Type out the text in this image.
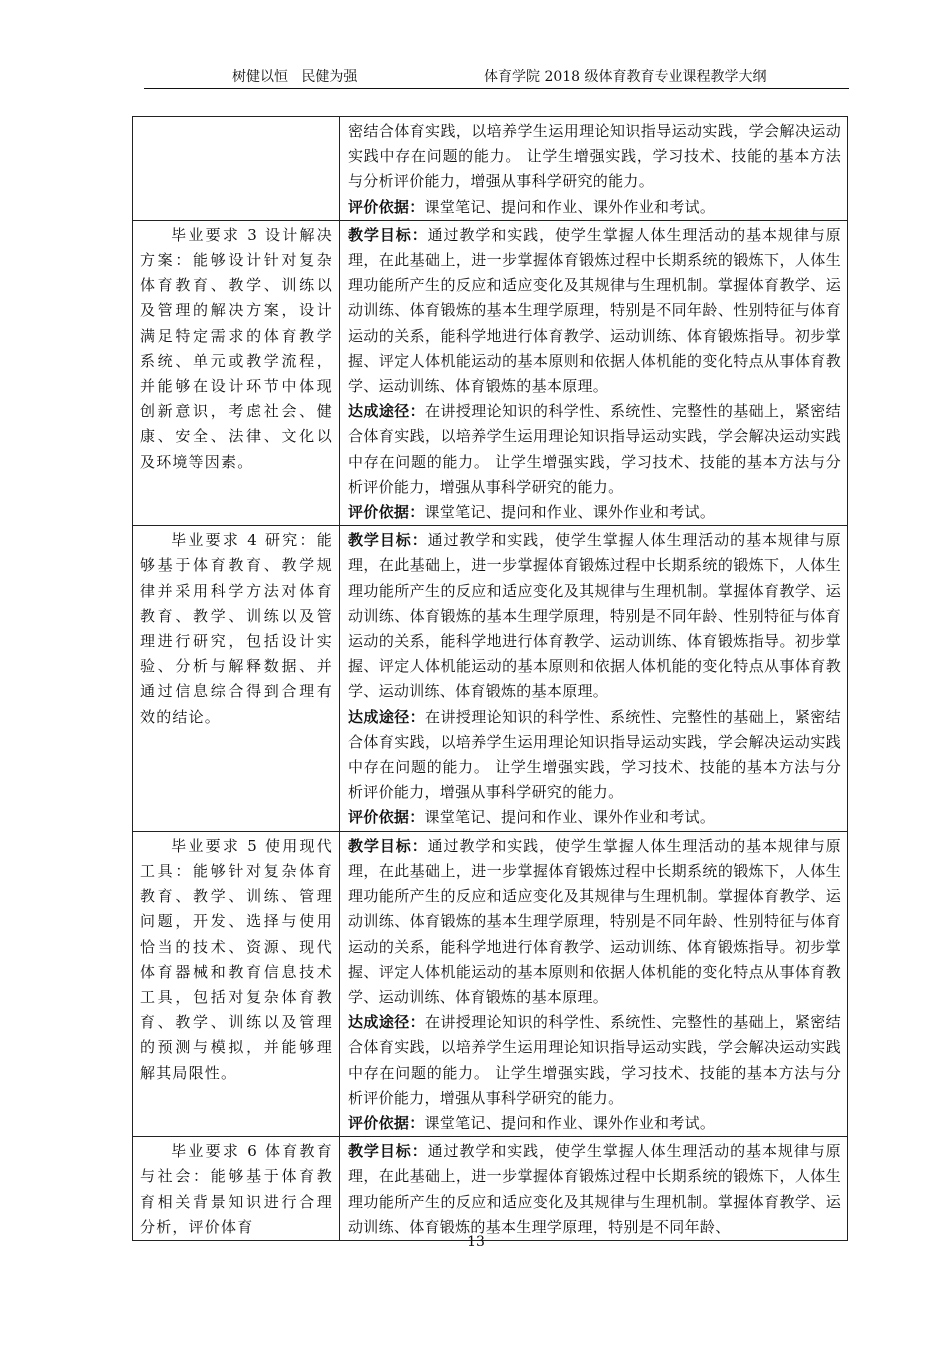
树健以恒   民健为强	体育学院 2018 级体育教育专业课程教学大纲

	密结合体育实践，以培养学生运用理论知识指导运动实践，学会解决运动实践中存在问题的能力。 让学生增强实践，学习技术、技能的基本方法与分析评价能力，增强从事科学研究的能力。
评价依据：课堂笔记、提问和作业、课外作业和考试。

毕业要求 3 设计解决方案：能够设计针对复杂体育教育、教学、训练以及管理的解决方案，设计满足特定需求的体育教学系统、单元或教学流程，并能够在设计环节中体现创新意识，考虑社会、健康、安全、法律、文化以及环境等因素。	教学目标：通过教学和实践，使学生掌握人体生理活动的基本规律与原理，在此基础上，进一步掌握体育锻炼过程中长期系统的锻炼下，人体生理功能所产生的反应和适应变化及其规律与生理机制。掌握体育教学、运动训练、体育锻炼的基本生理学原理，特别是不同年龄、性别特征与体育运动的关系，能科学地进行体育教学、运动训练、体育锻炼指导。初步掌握、评定人体机能运动的基本原则和依据人体机能的变化特点从事体育教学、运动训练、体育锻炼的基本原理。
达成途径：在讲授理论知识的科学性、系统性、完整性的基础上，紧密结合体育实践，以培养学生运用理论知识指导运动实践，学会解决运动实践中存在问题的能力。 让学生增强实践，学习技术、技能的基本方法与分析评价能力，增强从事科学研究的能力。
评价依据：课堂笔记、提问和作业、课外作业和考试。

毕业要求 4 研究：能够基于体育教育、教学规律并采用科学方法对体育教育、教学、训练以及管理进行研究，包括设计实验、分析与解释数据、并通过信息综合得到合理有效的结论。	教学目标：通过教学和实践，使学生掌握人体生理活动的基本规律与原理，在此基础上，进一步掌握体育锻炼过程中长期系统的锻炼下，人体生理功能所产生的反应和适应变化及其规律与生理机制。掌握体育教学、运动训练、体育锻炼的基本生理学原理，特别是不同年龄、性别特征与体育运动的关系，能科学地进行体育教学、运动训练、体育锻炼指导。初步掌握、评定人体机能运动的基本原则和依据人体机能的变化特点从事体育教学、运动训练、体育锻炼的基本原理。
达成途径：在讲授理论知识的科学性、系统性、完整性的基础上，紧密结合体育实践，以培养学生运用理论知识指导运动实践，学会解决运动实践中存在问题的能力。 让学生增强实践，学习技术、技能的基本方法与分析评价能力，增强从事科学研究的能力。
评价依据：课堂笔记、提问和作业、课外作业和考试。

毕业要求 5 使用现代工具：能够针对复杂体育教育、教学、训练、管理问题，开发、选择与使用恰当的技术、资源、现代体育器械和教育信息技术工具，包括对复杂体育教育、教学、训练以及管理的预测与模拟，并能够理解其局限性。	教学目标：通过教学和实践，使学生掌握人体生理活动的基本规律与原理，在此基础上，进一步掌握体育锻炼过程中长期系统的锻炼下，人体生理功能所产生的反应和适应变化及其规律与生理机制。掌握体育教学、运动训练、体育锻炼的基本生理学原理，特别是不同年龄、性别特征与体育运动的关系，能科学地进行体育教学、运动训练、体育锻炼指导。初步掌握、评定人体机能运动的基本原则和依据人体机能的变化特点从事体育教学、运动训练、体育锻炼的基本原理。
达成途径：在讲授理论知识的科学性、系统性、完整性的基础上，紧密结合体育实践，以培养学生运用理论知识指导运动实践，学会解决运动实践中存在问题的能力。 让学生增强实践，学习技术、技能的基本方法与分析评价能力，增强从事科学研究的能力。
评价依据：课堂笔记、提问和作业、课外作业和考试。

毕业要求 6 体育教育与社会：能够基于体育教育相关背景知识进行合理分析，评价体育	教学目标：通过教学和实践，使学生掌握人体生理活动的基本规律与原理，在此基础上，进一步掌握体育锻炼过程中长期系统的锻炼下，人体生理功能所产生的反应和适应变化及其规律与生理机制。掌握体育教学、运动训练、体育锻炼的基本生理学原理，特别是不同年龄、
13
